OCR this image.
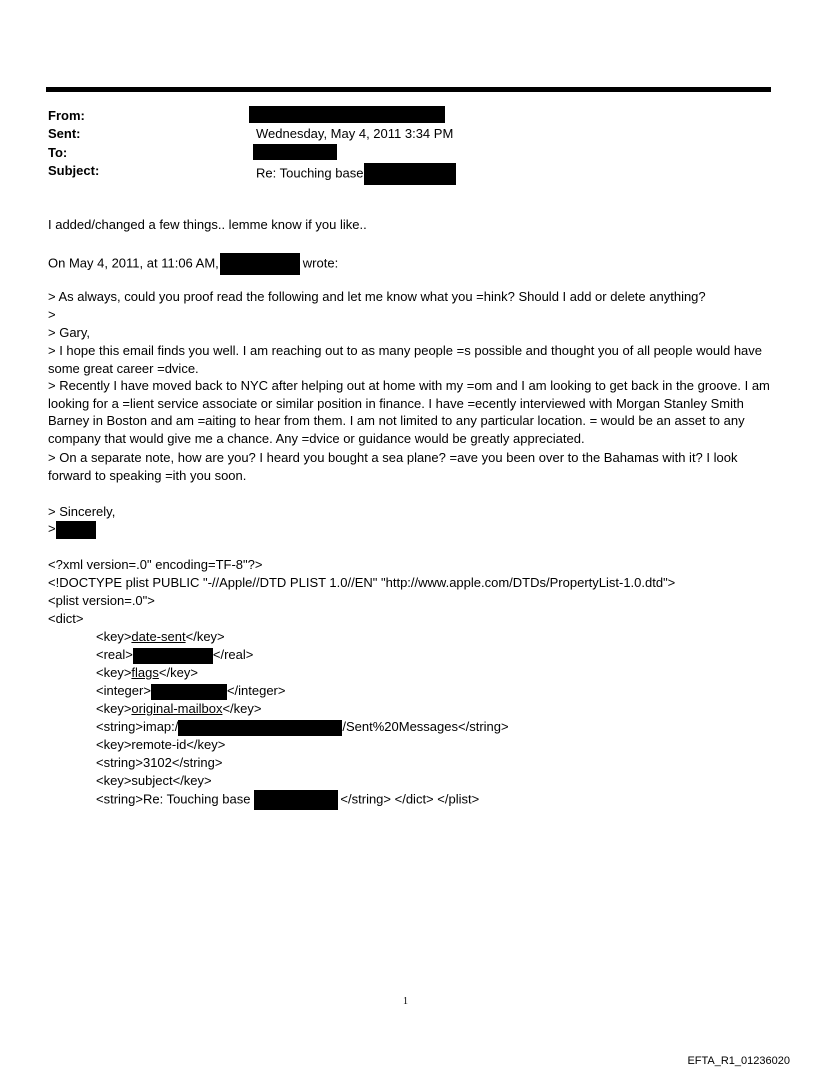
From:
Sent:	Wednesday, May 4, 2011 3:34 PM
To:
Subject:	Re: Touching base
I added/changed a few things.. lemme know if you like..
On May 4, 2011, at 11:06 AM,	wrote:
> As always, could you proof read the following and let me know what you =hink? Should I add or delete anything?
>
> Gary,
> I hope this email finds you well. I am reaching out to as many people =s possible and thought you of all people would have some great career =dvice.
> Recently I have moved back to NYC after helping out at home with my =om and I am looking to get back in the groove. I am looking for a =lient service associate or similar position in finance. I have =ecently interviewed with Morgan Stanley Smith Barney in Boston and am =aiting to hear from them. I am not limited to any particular location. = would be an asset to any company that would give me a chance. Any =dvice or guidance would be greatly appreciated.
> On a separate note, how are you? I heard you bought a sea plane? =ave you been over to the Bahamas with it? I look forward to speaking =ith you soon.
> Sincerely,
>
<?xml version=.0" encoding=TF-8"?>
<!DOCTYPE plist PUBLIC "-//Apple//DTD PLIST 1.0//EN" "http://www.apple.com/DTDs/PropertyList-1.0.dtd">
<plist version=.0">
<dict>
<key>date-sent</key>
<real>	</real>
<key>flags</key>
<integer>	</integer>
<key>original-mailbox</key>
<string>imap:/	/Sent%20Messages</string>
<key>remote-id</key>
<string>3102</string>
<key>subject</key>
<string>Re: Touching base	</string> </dict> </plist>
1
EFTA_R1_01236020
